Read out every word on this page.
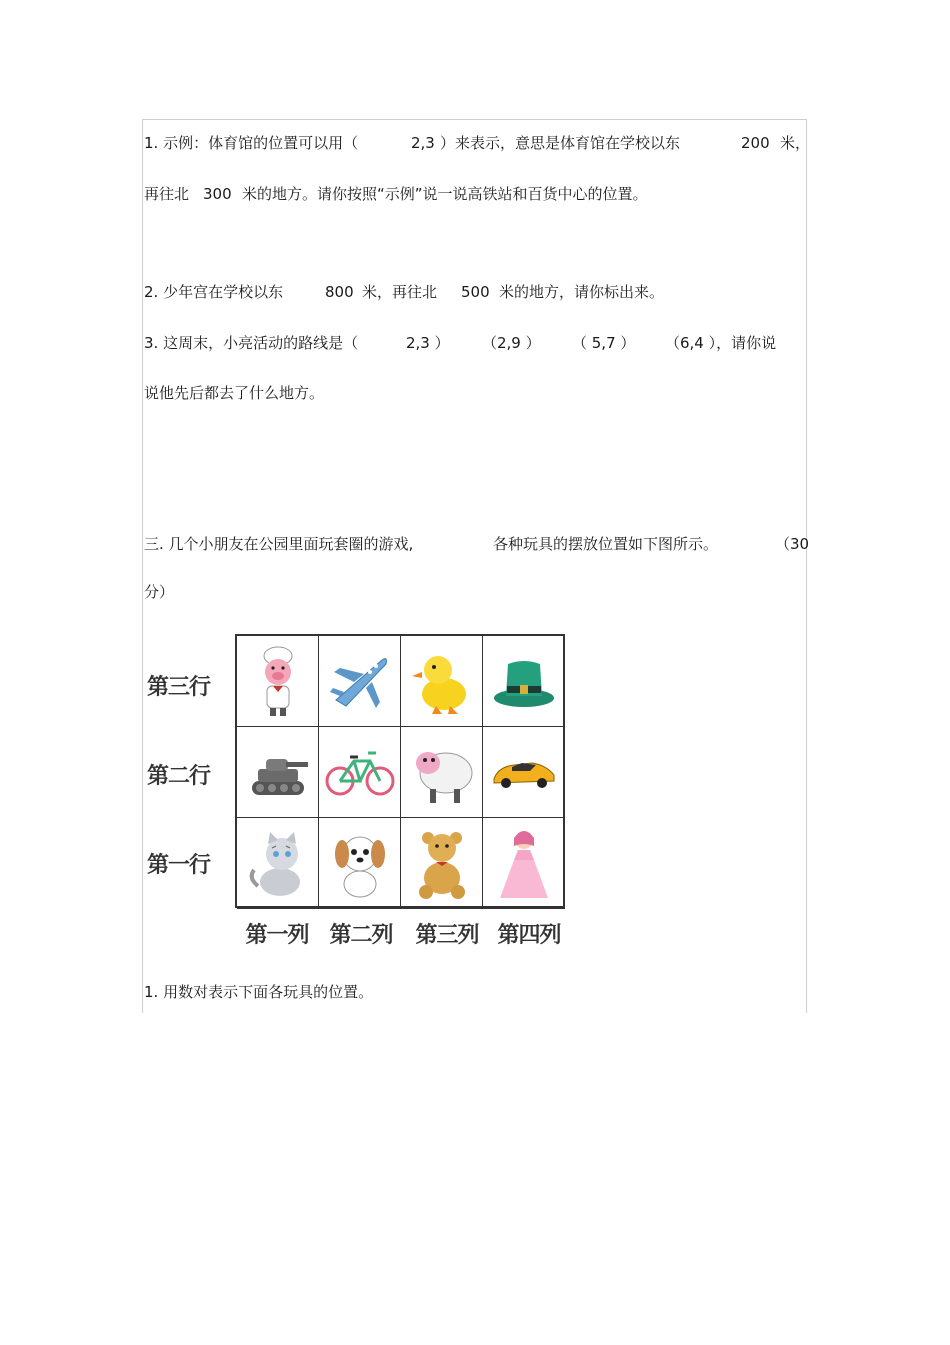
1. 示例：体育馆的位置可以用（	2,3 ）来表示，意思是体育馆在学校以东	200 米，
再往北 300 米的地方。请你按照“示例”说一说高铁站和百货中心的位置。
2. 少年宫在学校以东	800 米，再往北 500 米的地方，请你标出来。
3. 这周末，小亮活动的路线是（	2,3 ） （2,9 ） （ 5,7 ） （6,4 ），请你说
说他先后都去了什么地方。
三. 几个小朋友在公园里面玩套圈的游戏,	各种玩具的摆放位置如下图所示。	（30
分）
第三行
第二行
第一行
第一列 第二列	第三列 第四列
1. 用数对表示下面各玩具的位置。
